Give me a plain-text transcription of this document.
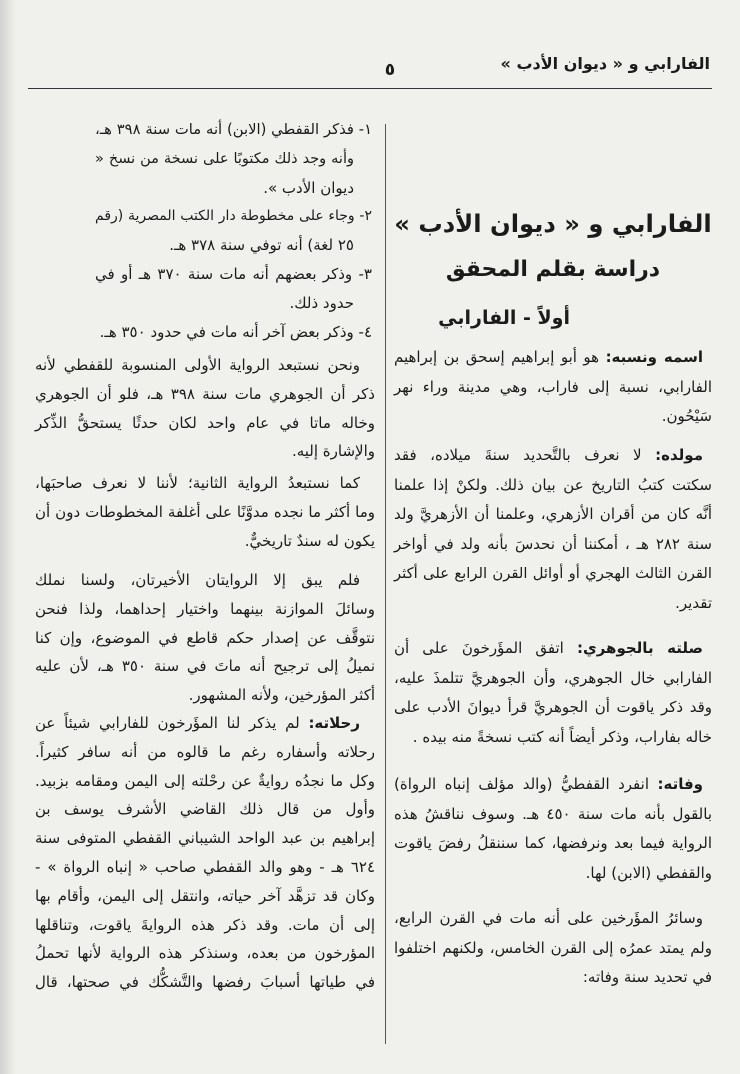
الفارابي و « ديوان الأدب »
٥
الفارابي و « ديوان الأدب »
دراسة بقلم المحقق
أولاً - الفارابي
اسمه ونسبه: هو أبو إبراهيم إسحق بن إبراهيم
الفارابي، نسبة إلى فاراب، وهي مدينة وراء نهر
سَيْحُون.
مولده: لا نعرف بالتَّحديد سنةَ ميلاده، فقد
سكتت كتبُ التاريخ عن بيان ذلك. ولكنْ إذا علمنا
أنَّه كان من أقران الأزهري، وعلمنا أن الأزهريَّ ولد
سنة ٢٨٢ هـ ، أمكننا أن نحدسَ بأنه ولد في أواخر
القرن الثالث الهجري أو أوائل القرن الرابع على أكثر
تقدير.
صلته بالجوهري: اتفق المؤَرخونَ على أن
الفارابي خال الجوهري، وأن الجوهريَّ تتلمذَ عليه،
وقد ذكر ياقوت أن الجوهريَّ قرأ ديوانَ الأدب على
خاله بفاراب، وذكر أيضاً أنه كتب نسخةً منه بيده .
وفاته: انفرد القفطيُّ (والد مؤلف إنباه الرواة)
بالقول بأنه مات سنة ٤٥٠ هـ. وسوف نناقشُ هذه
الرواية فيما بعد ونرفضها، كما سننقلُ رفضَ ياقوت
والقفطي (الابن) لها.
وسائرُ المؤَرخين على أنه مات في القرن الرابع،
ولم يمتد عمرُه إلى القرن الخامس، ولكنهم اختلفوا
في تحديد سنة وفاته:
١- فذكر القفطي (الابن) أنه مات سنة ٣٩٨ هـ،
وأنه وجد ذلك مكتوبًا على نسخة من نسخ «
ديوان الأدب ».
٢- وجاء على مخطوطة دار الكتب المصرية (رقم
٢٥ لغة) أنه توفي سنة ٣٧٨ هـ.
٣- وذكر بعضهم أنه مات سنة ٣٧٠ هـ أو في
حدود ذلك.
٤- وذكر بعض آخر أنه مات في حدود ٣٥٠ هـ.
ونحن نستبعد الرواية الأولى المنسوبة للقفطي لأنه
ذكر أن الجوهري مات سنة ٣٩٨ هـ، فلو أن الجوهري
وخاله ماتا في عام واحد لكان حدثًا يستحقُّ الذِّكر
والإشارة إليه.
كما نستبعدُ الرواية الثانية؛ لأننا لا نعرف صاحبَها،
وما أكثر ما نجده مدوَّنًا على أغلفة المخطوطات دون أن
يكون له سندٌ تاريخيٌّ.
فلم يبق إلا الروايتان الأخيرتان، ولسنا نملك
وسائلَ الموازنة بينهما واختيار إحداهما، ولذا فنحن
نتوقَّف عن إصدار حكم قاطع في الموضوع، وإن كنا
نميلُ إلى ترجيح أنه ماتَ في سنة ٣٥٠ هـ، لأن عليه
أكثر المؤرخين، ولأنه المشهور.
رحلاته: لم يذكر لنا المؤَرخون للفارابي شيئاً عن
رحلاته وأسفاره رغم ما قالوه من أنه سافر كثيراً.
وكل ما نجدُه روايةٌ عن رحْلته إلى اليمن ومقامه بزبيد.
وأول من قال ذلك القاضي الأشرف يوسف بن
إبراهيم بن عبد الواحد الشيباني القفطي المتوفى سنة
٦٢٤ هـ - وهو والد القفطي صاحب « إنباه الرواة » -
وكان قد تزهَّد آخر حياته، وانتقل إلى اليمن، وأقام بها
إلى أن مات. وقد ذكر هذه الروايةَ ياقوت، وتناقلها
المؤرخون من بعده، وسنذكر هذه الرواية لأنها تحملُ
في طياتها أسبابَ رفضها والتَّشكُّك في صحتها، قال
